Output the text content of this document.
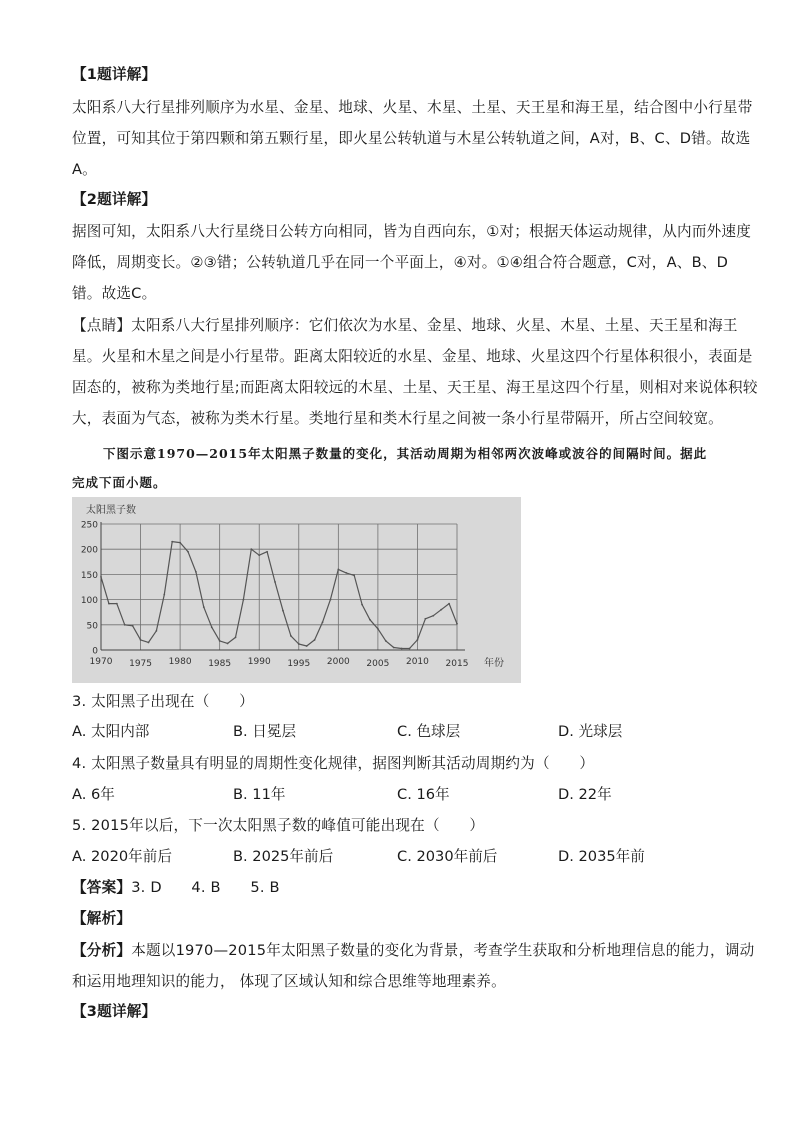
【1题详解】
太阳系八大行星排列顺序为水星、金星、地球、火星、木星、土星、天王星和海王星，结合图中小行星带
位置，可知其位于第四颗和第五颗行星，即火星公转轨道与木星公转轨道之间，A对，B、C、D错。故选
A。
【2题详解】
据图可知，太阳系八大行星绕日公转方向相同，皆为自西向东，①对；根据天体运动规律，从内而外速度
降低，周期变长。②③错；公转轨道几乎在同一个平面上，④对。①④组合符合题意，C对，A、B、D
错。故选C。
【点睛】太阳系八大行星排列顺序：它们依次为水星、金星、地球、火星、木星、土星、天王星和海王
星。火星和木星之间是小行星带。距离太阳较近的水星、金星、地球、火星这四个行星体积很小，表面是
固态的，被称为类地行星;而距离太阳较远的木星、土星、天王星、海王星这四个行星，则相对来说体积较
大，表面为气态，被称为类木行星。类地行星和类木行星之间被一条小行星带隔开，所占空间较宽。
下图示意1970—2015年太阳黑子数量的变化，其活动周期为相邻两次波峰或波谷的间隔时间。据此
完成下面小题。
0
50
100
150
200
250
1970 1975 1980 1985 1990 1995 2000 2005 2010 2015
太阳黑子数
年份
3. 太阳黑子出现在（　　）
A. 太阳内部	B. 日冕层	C. 色球层	D. 光球层
4. 太阳黑子数量具有明显的周期性变化规律，据图判断其活动周期约为（　　）
A. 6年	B. 11年	C. 16年	D. 22年
5. 2015年以后，下一次太阳黑子数的峰值可能出现在（　　）
A. 2020年前后	B. 2025年前后	C. 2030年前后	D. 2035年前
【答案】3. D　　4. B　　5. B
【解析】
【分析】本题以1970—2015年太阳黑子数量的变化为背景，考查学生获取和分析地理信息的能力，调动
和运用地理知识的能力， 体现了区域认知和综合思维等地理素养。
【3题详解】
